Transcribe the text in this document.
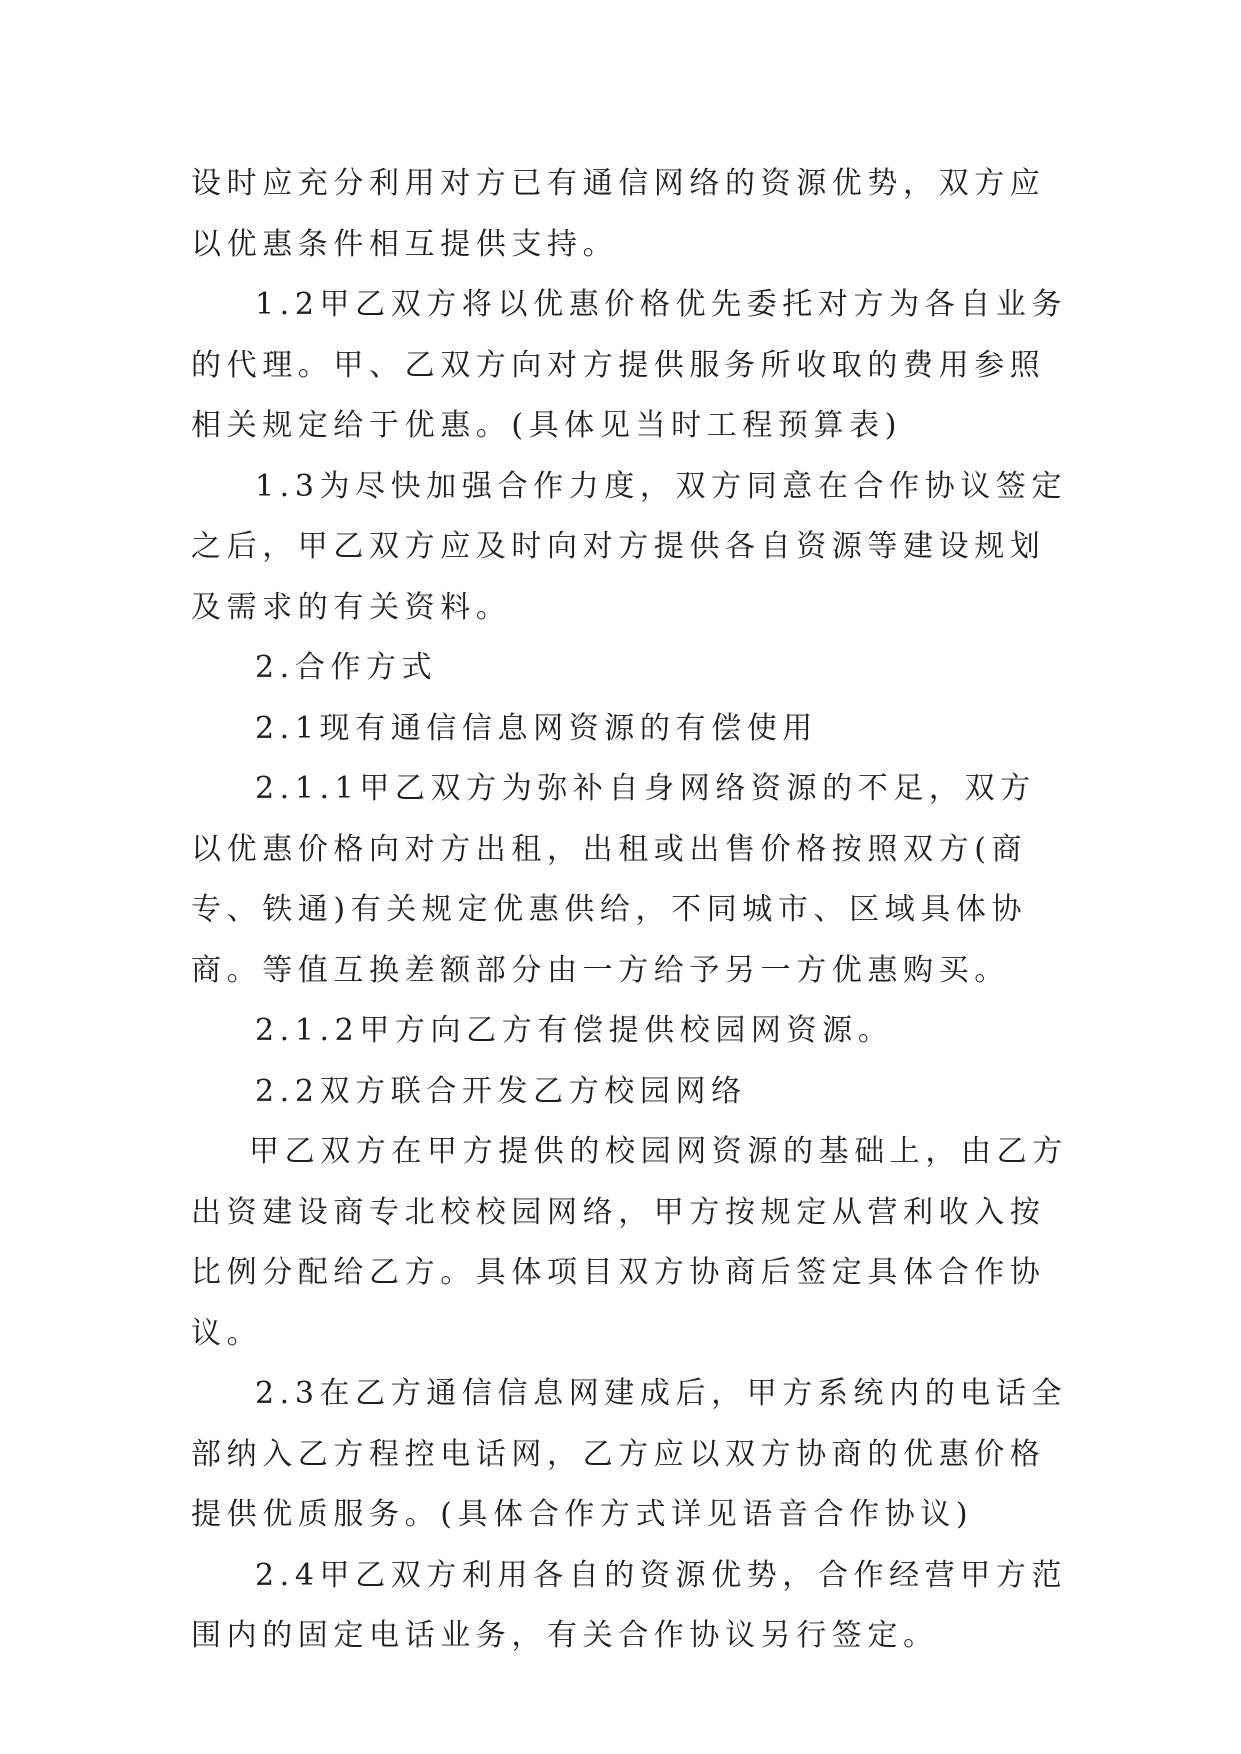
设时应充分利用对方已有通信网络的资源优势，双方应以优惠条件相互提供支持。

1.2甲乙双方将以优惠价格优先委托对方为各自业务的代理。甲、乙双方向对方提供服务所收取的费用参照相关规定给于优惠。(具体见当时工程预算表)

1.3为尽快加强合作力度，双方同意在合作协议签定之后，甲乙双方应及时向对方提供各自资源等建设规划及需求的有关资料。

2.合作方式

2.1现有通信信息网资源的有偿使用

2.1.1甲乙双方为弥补自身网络资源的不足，双方以优惠价格向对方出租，出租或出售价格按照双方(商专、铁通)有关规定优惠供给，不同城市、区域具体协商。等值互换差额部分由一方给予另一方优惠购买。

2.1.2甲方向乙方有偿提供校园网资源。

2.2双方联合开发乙方校园网络

甲乙双方在甲方提供的校园网资源的基础上，由乙方出资建设商专北校校园网络，甲方按规定从营利收入按比例分配给乙方。具体项目双方协商后签定具体合作协议。

2.3在乙方通信信息网建成后，甲方系统内的电话全部纳入乙方程控电话网，乙方应以双方协商的优惠价格提供优质服务。(具体合作方式详见语音合作协议)

2.4甲乙双方利用各自的资源优势，合作经营甲方范围内的固定电话业务，有关合作协议另行签定。
